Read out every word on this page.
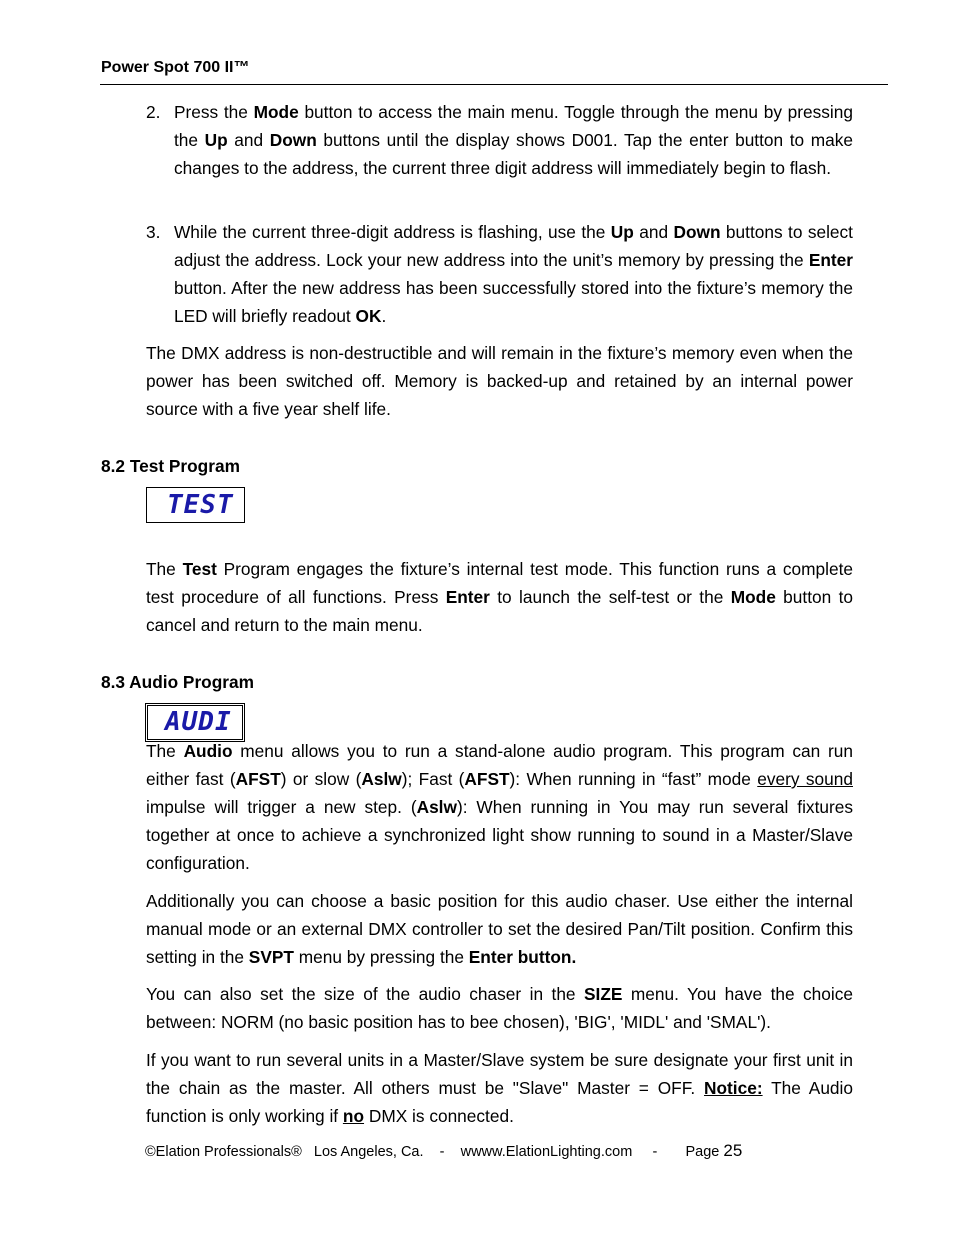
Power Spot 700 II™
2. Press the Mode button to access the main menu. Toggle through the menu by pressing the Up and Down buttons until the display shows D001. Tap the enter button to make changes to the address, the current three digit address will immediately begin to flash.
3. While the current three-digit address is flashing, use the Up and Down buttons to select adjust the address. Lock your new address into the unit’s memory by pressing the Enter button. After the new address has been successfully stored into the fixture’s memory the LED will briefly readout OK.
The DMX address is non-destructible and will remain in the fixture’s memory even when the power has been switched off. Memory is backed-up and retained by an internal power source with a five year shelf life.
8.2 Test Program
TEST
The Test Program engages the fixture’s internal test mode. This function runs a complete test procedure of all functions. Press Enter to launch the self-test or the Mode button to cancel and return to the main menu.
8.3 Audio Program
AUDI
The Audio menu allows you to run a stand-alone audio program. This program can run either fast (AFST) or slow (Aslw); Fast (AFST): When running in “fast” mode every sound impulse will trigger a new step. (Aslw): When running in You may run several fixtures together at once to achieve a synchronized light show running to sound in a Master/Slave configuration.
Additionally you can choose a basic position for this audio chaser. Use either the internal manual mode or an external DMX controller to set the desired Pan/Tilt position. Confirm this setting in the SVPT menu by pressing the Enter button.
You can also set the size of the audio chaser in the SIZE menu. You have the choice between: NORM (no basic position has to bee chosen), 'BIG', 'MIDL' and 'SMAL').
If you want to run several units in a Master/Slave system be sure designate your first unit in the chain as the master. All others must be "Slave" Master = OFF. Notice: The Audio function is only working if no DMX is connected.
©Elation Professionals® Los Angeles, Ca. - wwww.ElationLighting.com - Page 25
